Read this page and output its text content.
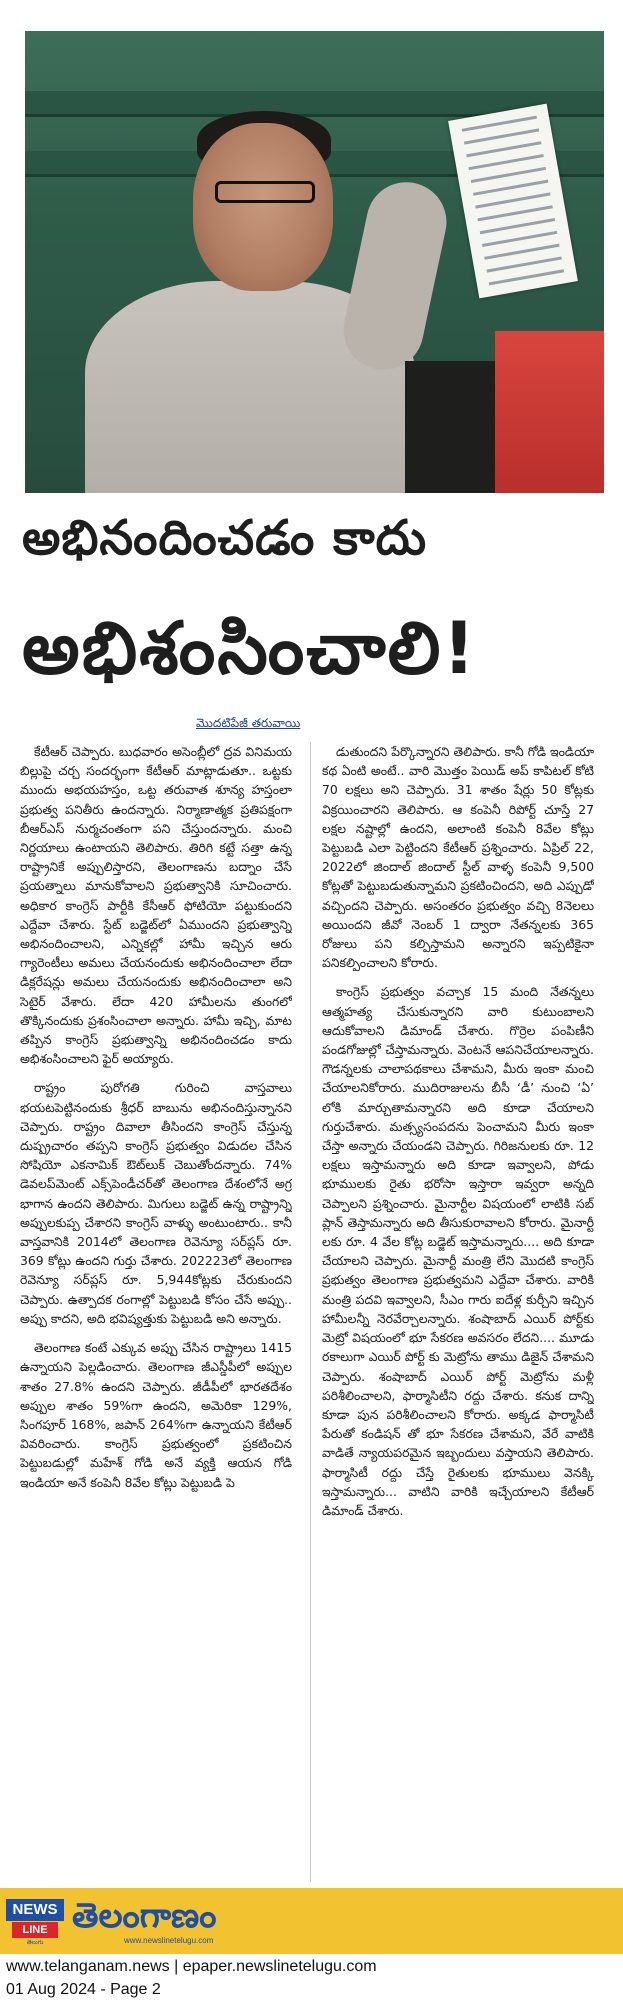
అభినందించడం కాదు
అభిశంసించాలి!
మొదటిపేజీ తరువాయి

కేటీఆర్ చెప్పారు. బుధవారం అసెంబ్లీలో ద్రవ వినిమయ బిల్లుపై చర్చ సందర్భంగా కేటీఆర్ మాట్లాడుతూ.. ఒట్టకు ముందు అభయహస్తం, ఒట్ట తరువాత శూన్య హస్తంలా ప్రభుత్వ పనితీరు ఉందన్నారు. నిర్మాణాత్మక ప్రతిపక్షంగా బీఆర్ఎస్ నుర్మచంతంగా పని చేస్తుందన్నారు. మంచి నిర్ణయాలు ఉంటాయని తెలిపారు. తిరిగి కట్టే సత్తా ఉన్న రాష్ట్రానికే అప్పులిస్తారని, తెలంగాణను బద్నాం చేసే ప్రయత్నాలు మానుకోవాలని ప్రభుత్వానికి సూచించారు. అధికార కాంగ్రెస్ పార్టీకి కేసీఆర్ ఫోటియో పట్టుకుందని ఎద్దేవా చేశారు. స్టేట్ బడ్జెట్‌లో ఏముందని ప్రభుత్వాన్ని అభినందించాలని, ఎన్నికల్లో హామీ ఇచ్చిన ఆరు గ్యారెంటీలు అమలు చేయనందుకు అభినందించాలా లేదా డిక్లరేషన్లు అమలు చేయనందుకు అభినందించాలా అని సెటైర్ వేశారు. లేదా 420 హామీలను తుంగలో తొక్కినందుకు ప్రశంసించాలా అన్నారు. హామీ ఇచ్చి, మాట తప్పిన కాంగ్రెస్ ప్రభుత్వాన్ని అభినందించడం కాదు అభిశంసించాలని ఫైర్ అయ్యారు.

రాష్ట్రం పురోగతి గురించి వాస్తవాలు భయటపెట్టినందుకు శ్రీధర్ బాబును అభినందిస్తున్నానని చెప్పారు. రాష్ట్రం దివాలా తీసిందని కాంగ్రెస్ చేస్తున్న దుష్ప్రచారం తప్పని కాంగ్రెస్ ప్రభుత్వం విడుదల చేసిన సోషియో ఎకనామిక్ ఔట్‌లుక్ చెబుతోందన్నారు. 74% డెవలప్‌మెంట్ ఎక్స్‌పెండీచర్‌తో తెలంగాణ దేశంలోనే అగ్ర భాగాన ఉందని తెలిపారు. మిగులు బడ్జెట్ ఉన్న రాష్ట్రాన్ని అప్పులకుప్ప చేశారని కాంగ్రెస్ వాళ్ళు అంటుంటారు.. కానీ వాస్తవానికి 2014లో తెలంగాణ రెవెన్యూ సర్‌ప్లస్ రూ. 369 కోట్లు ఉందని గుర్తు చేశారు. 202223లో తెలంగాణ రెవెన్యూ సర్‌ప్లస్ రూ. 5,944కోట్లకు చేరుకుందని చెప్పారు. ఉత్పాదక రంగాల్లో పెట్టుబడి కోసం చేసే అప్పు.. అప్పు కాదని, అది భవిష్యత్తుకు పెట్టుబడి అని అన్నారు.

తెలంగాణ కంటే ఎక్కువ అప్పు చేసిన రాష్ట్రాలు 1415 ఉన్నాయని పెల్లడించారు. తెలంగాణ జీఎస్డీపీలో అప్పుల శాతం 27.8% ఉందని చెప్పారు. జీడీపీలో భారతదేశం అప్పుల శాతం 59%గా ఉందని, అమెరికా 129%, సింగపూర్ 168%, జపాన్ 264%గా ఉన్నాయని కేటీఆర్ వివరించారు. కాంగ్రెస్ ప్రభుత్వంలో ప్రకటించిన పెట్టుబడుల్లో మహేశ్ గోడి అనే వ్యక్తి ఆయన గోడి ఇండియా అనే కంపెనీ 8వేల కోట్లు పెట్టుబడి పె

డుతుందని పేర్కొన్నారని తెలిపారు. కానీ గోడి ఇండియా కథ ఏంటి అంటే.. వారి మొత్తం పెయిడ్ అప్ కాపిటల్ కోటి 70 లక్షలు అని చెప్పారు. 31 శాతం షేర్లు 50 కోట్లకు విక్రయించారని తెలిపారు. ఆ కంపెనీ రిపోర్ట్ చూస్తే 27 లక్షల నష్టాల్లో ఉందని, అలాంటి కంపెనీ 8వేల కోట్లు పెట్టుబడి ఎలా పెట్టిందని కేటీఆర్ ప్రశ్నించారు. ఏప్రిల్ 22, 2022లో జిందాల్ జిందాల్ స్టీల్ వాళ్ళ కంపెనీ 9,500 కోట్లతో పెట్టుబడుతున్నామని ప్రకటించిందని, అది ఎప్పుడో వచ్చిందని చెప్పారు. అసంతరం ప్రభుత్వం వచ్చి 8నెలలు అయిందని జీవో నెంబర్ 1 ద్వారా నేతన్నలకు 365 రోజులు పని కల్పిస్తామని అన్నారని ఇప్పటికైనా పనికల్పించాలని కోరారు.

కాంగ్రెస్ ప్రభుత్వం వచ్చాక 15 మంది నేతన్నలు ఆత్మహత్య చేసుకున్నారని వారి కుటుంబాలని ఆదుకోవాలని డిమాండ్ చేశారు. గొర్రెల పంపిణీని పండగోజుల్లో చేస్తామన్నారు. వెంటనే ఆపనిచేయాలన్నారు. గౌడన్నలకు చాలాపథకాలు చేశామని, మీరు ఇంకా మంచి చేయాలనికోరారు. ముదిరాజులను బీసీ ‘డీ’ నుంచి ‘ఏ’ లోకి మార్చుతామన్నారని అది కూడా చేయాలని గుర్తుచేశారు. మత్స్యసంపదను పెంచామని మీరు ఇంకా చేస్తా అన్నారు చేయండని చెప్పారు. గిరిజనులకు రూ. 12 లక్షలు ఇస్తామన్నారు అది కూడా ఇవ్వాలని, పోడు భూములకు రైతు భరోసా ఇస్తారా ఇవ్వరా అన్నది చెప్పాలని ప్రశ్నించారు. మైనార్టీల విషయంలో లాటికి సబ్ ప్లాన్ తెస్తామన్నారు అది తీసుకురావాలని కోరారు. మైనార్టీ లకు రూ. 4 వేల కోట్ల బడ్జెట్ ఇస్తామన్నారు.... అది కూడా చేయాలని చెప్పారు. మైనార్టీ మంత్రి లేని మొదటి కాంగ్రెస్ ప్రభుత్వం తెలంగాణ ప్రభుత్వమని ఎద్దేవా చేశారు. వారికి మంత్రి పదవి ఇవ్వాలని, సీఎం గారు ఐదేళ్ల కుర్చీని ఇచ్చిన హామీలన్నీ నెరవేర్చాలన్నారు. శంషాబాద్ ఎయిర్ పోర్ట్‌కు మెట్రో విషయంలో భూ సేకరణ అవసరం లేదని.... మూడు రకాలుగా ఎయిర్ పోర్ట్ కు మెట్రోను తాము డిజైన్ చేశామని చెప్పారు. శంషాబాద్ ఎయిర్ పోర్ట్ మెట్రోను మళ్లీ పరిశీలించాలని, ఫార్మాసిటీని రద్దు చేశారు. కనుక దాన్ని కూడా పున పరిశీలించాలని కోరారు. అక్కడ ఫార్మాసిటీ పేరుతో కండిషన్ తో భూ సేకరణ చేశామని, వేరే వాటికి వాడితే న్యాయపరమైన ఇబ్బందులు వస్తాయని తెలిపారు. ఫార్మాసిటీ రద్దు చేస్తే రైతులకు భూములు వెనక్కి ఇస్తామన్నారు... వాటిని వారికి ఇచ్చేయాలని కేటీఆర్ డిమాండ్ చేశారు.

NEWS
LINE
తెలుగు
తెలంగాణం
www.newslinetelugu.com
www.telanganam.news | epaper.newslinetelugu.com
01 Aug 2024 - Page 2
